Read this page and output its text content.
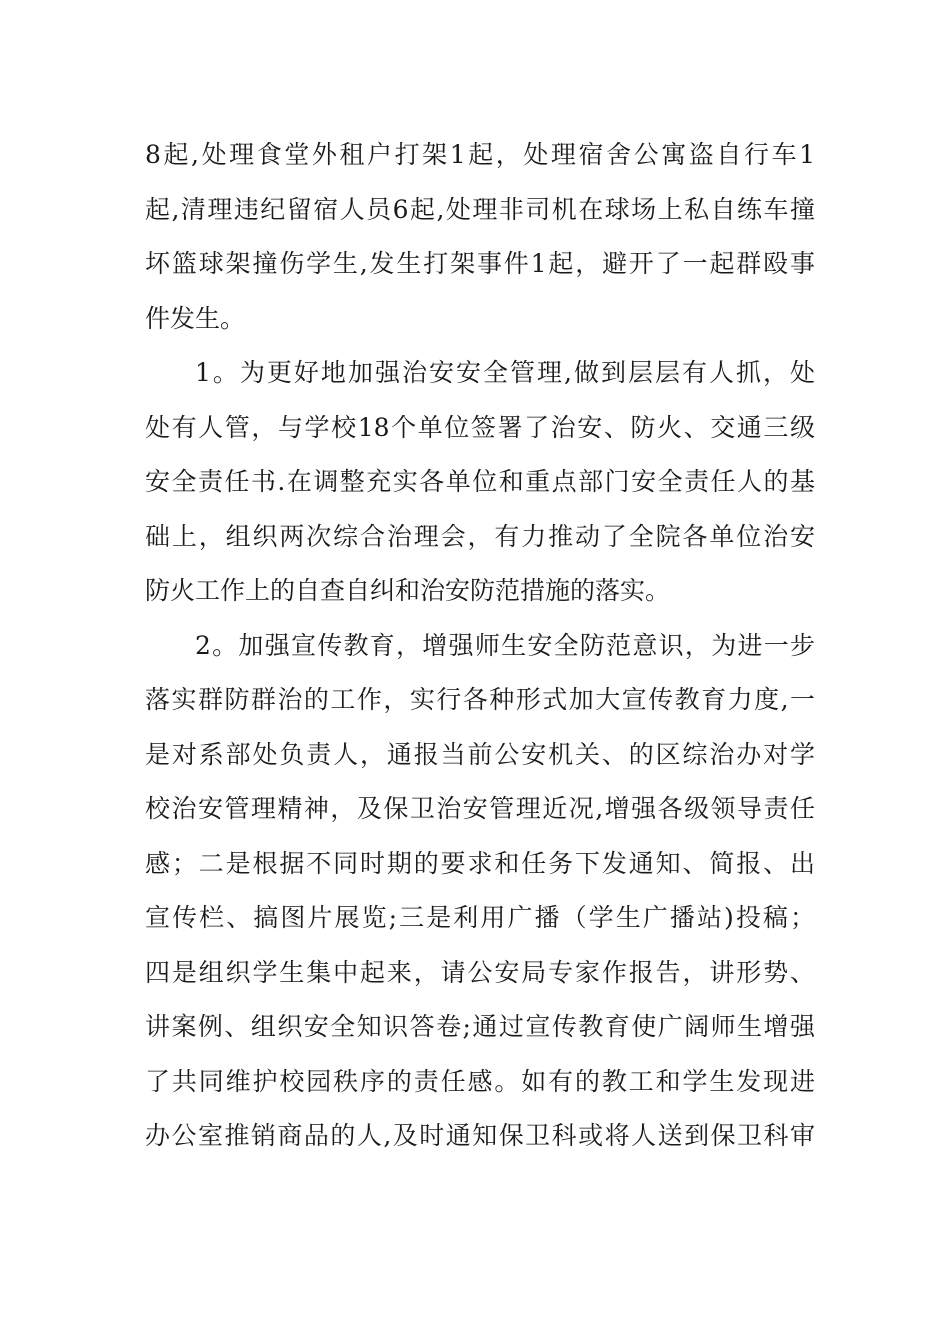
8起,处理食堂外租户打架1起，处理宿舍公寓盗自行车1
起,清理违纪留宿人员6起,处理非司机在球场上私自练车撞
坏篮球架撞伤学生,发生打架事件1起，避开了一起群殴事
件发生。
1。为更好地加强治安安全管理,做到层层有人抓，处
处有人管，与学校18个单位签署了治安、防火、交通三级
安全责任书.在调整充实各单位和重点部门安全责任人的基
础上，组织两次综合治理会，有力推动了全院各单位治安
防火工作上的自查自纠和治安防范措施的落实。
2。加强宣传教育，增强师生安全防范意识，为进一步
落实群防群治的工作，实行各种形式加大宣传教育力度,一
是对系部处负责人，通报当前公安机关、的区综治办对学
校治安管理精神，及保卫治安管理近况,增强各级领导责任
感；二是根据不同时期的要求和任务下发通知、简报、出
宣传栏、搞图片展览;三是利用广播（学生广播站)投稿；
四是组织学生集中起来，请公安局专家作报告，讲形势、
讲案例、组织安全知识答卷;通过宣传教育使广阔师生增强
了共同维护校园秩序的责任感。如有的教工和学生发现进
办公室推销商品的人,及时通知保卫科或将人送到保卫科审
